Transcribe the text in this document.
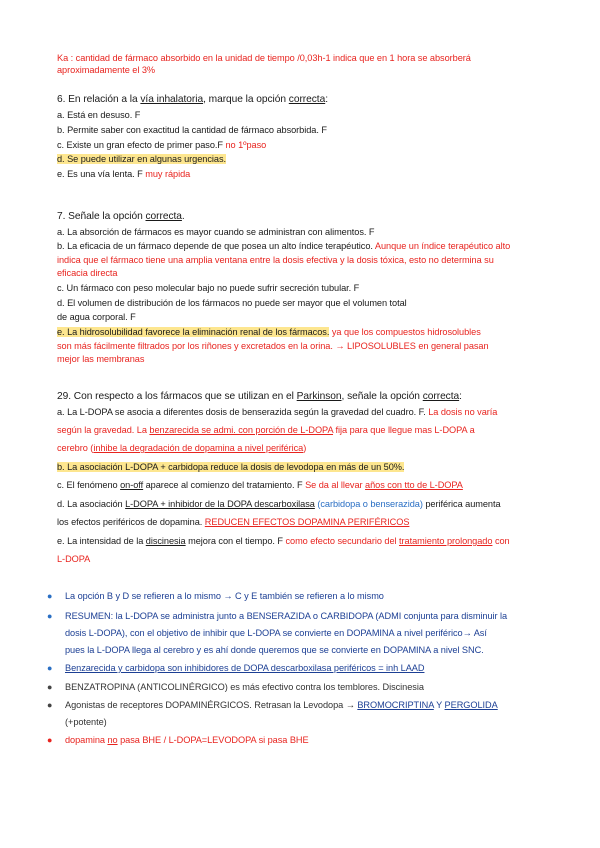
Ka : cantidad de fármaco absorbido en la unidad de tiempo /0,03h-1 indica que en 1 hora se absorberá
aproximadamente el 3%
6. En relación a la vía inhalatoria, marque la opción correcta:
a. Está en desuso. F
b. Permite saber con exactitud la cantidad de fármaco absorbida. F
c. Existe un gran efecto de primer paso.F no 1ºpaso
d. Se puede utilizar en algunas urgencias.
e. Es una vía lenta. F muy rápida
7. Señale la opción correcta.
a. La absorción de fármacos es mayor cuando se administran con alimentos. F
b. La eficacia de un fármaco depende de que posea un alto índice terapéutico. Aunque un índice terapéutico alto
indica que el fármaco tiene una amplia ventana entre la dosis efectiva y la dosis tóxica, esto no determina su
eficacia directa
c. Un fármaco con peso molecular bajo no puede sufrir secreción tubular. F
d. El volumen de distribución de los fármacos no puede ser mayor que el volumen total
de agua corporal. F
e. La hidrosolubilidad favorece la eliminación renal de los fármacos. ya que los compuestos hidrosolubles
son más fácilmente filtrados por los riñones y excretados en la orina. → LIPOSOLUBLES en general pasan
mejor las membranas
29. Con respecto a los fármacos que se utilizan en el Parkinson, señale la opción correcta:
a. La L-DOPA se asocia a diferentes dosis de benserazida según la gravedad del cuadro. F. La dosis no varía
según la gravedad. La benzarecida se admi. con porción de L-DOPA fija para que llegue mas L-DOPA a
cerebro (inhibe la degradación de dopamina a nivel periférica)
b. La asociación L-DOPA + carbidopa reduce la dosis de levodopa en más de un 50%.
c. El fenómeno on-off aparece al comienzo del tratamiento. F Se da al llevar años con tto de L-DOPA
d. La asociación L-DOPA + inhibidor de la DOPA descarboxilasa (carbidopa o benserazida) periférica aumenta
los efectos periféricos de dopamina. REDUCEN EFECTOS DOPAMINA PERIFÉRICOS
e. La intensidad de la discinesia mejora con el tiempo. F como efecto secundario del tratamiento prolongado con
L-DOPA
● La opción B y D se refieren a lo mismo → C y E también se refieren a lo mismo
● RESUMEN: la L-DOPA se administra junto a BENSERAZIDA o CARBIDOPA (ADMI conjunta para disminuir la
dosis L-DOPA), con el objetivo de inhibir que L-DOPA se convierte en DOPAMINA a nivel periférico→ Así
pues la L-DOPA llega al cerebro y es ahí donde queremos que se convierte en DOPAMINA a nivel SNC.
● Benzarecida y carbidopa son inhibidores de DOPA descarboxilasa periféricos = inh LAAD
● BENZATROPINA (ANTICOLINÉRGICO) es más efectivo contra los temblores. Discinesia
● Agonistas de receptores DOPAMINÉRGICOS. Retrasan la Levodopa → BROMOCRIPTINA Y PERGOLIDA
(+potente)
● dopamina no pasa BHE / L-DOPA=LEVODOPA si pasa BHE
